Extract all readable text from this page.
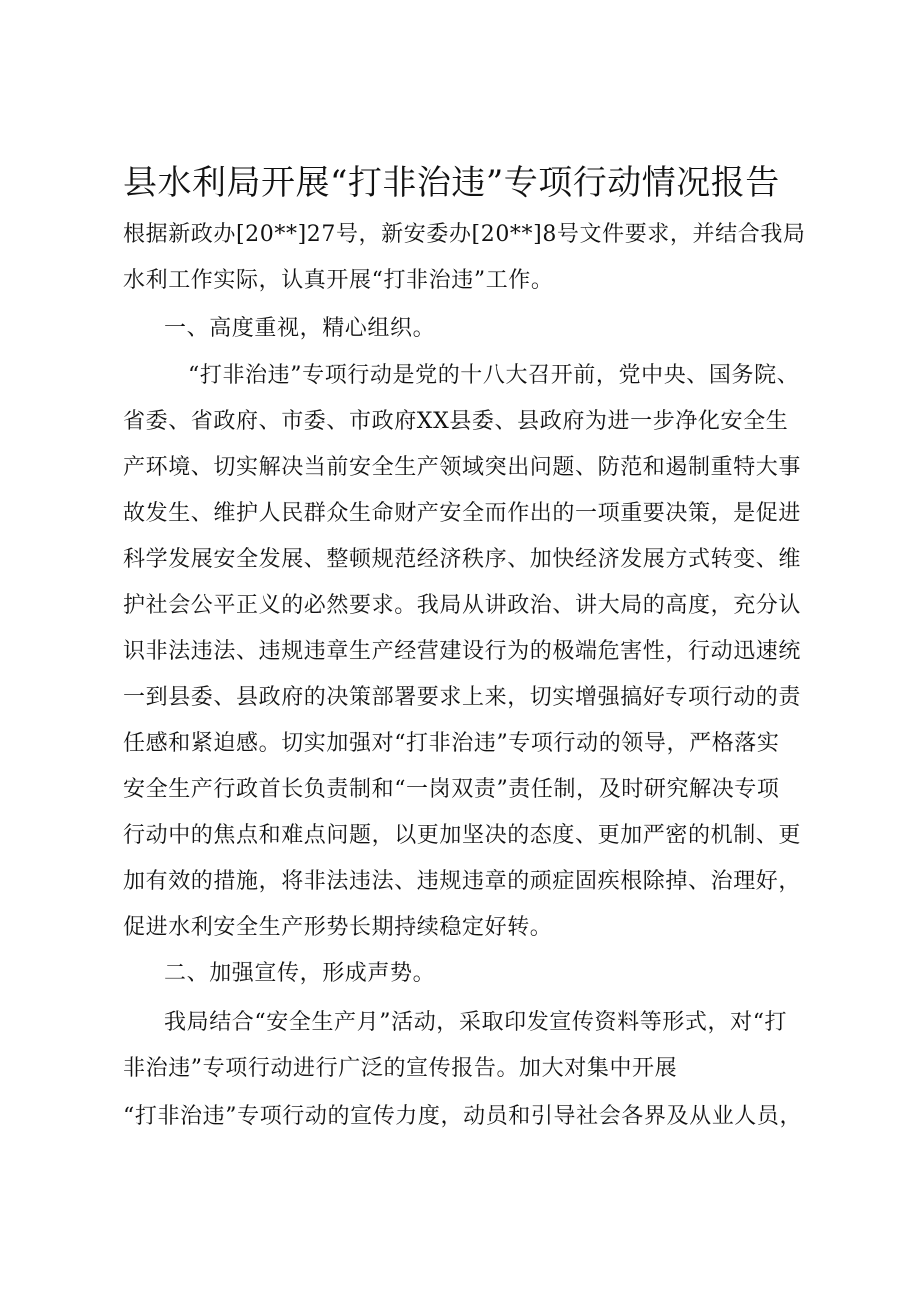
县水利局开展“打非治违”专项行动情况报告

根据新政办[20**]27号，新安委办[20**]8号文件要求，并结合我局

水利工作实际，认真开展“打非治违”工作。

一、高度重视，精心组织。

“打非治违”专项行动是党的十八大召开前，党中央、国务院、

省委、省政府、市委、市政府XX县委、县政府为进一步净化安全生

产环境、切实解决当前安全生产领域突出问题、防范和遏制重特大事

故发生、维护人民群众生命财产安全而作出的一项重要决策，是促进

科学发展安全发展、整顿规范经济秩序、加快经济发展方式转变、维

护社会公平正义的必然要求。我局从讲政治、讲大局的高度，充分认

识非法违法、违规违章生产经营建设行为的极端危害性，行动迅速统

一到县委、县政府的决策部署要求上来，切实增强搞好专项行动的责

任感和紧迫感。切实加强对“打非治违”专项行动的领导，严格落实

安全生产行政首长负责制和“一岗双责”责任制，及时研究解决专项

行动中的焦点和难点问题，以更加坚决的态度、更加严密的机制、更

加有效的措施，将非法违法、违规违章的顽症固疾根除掉、治理好，

促进水利安全生产形势长期持续稳定好转。

二、加强宣传，形成声势。

我局结合“安全生产月”活动，采取印发宣传资料等形式，对“打

非治违”专项行动进行广泛的宣传报告。加大对集中开展

“打非治违”专项行动的宣传力度，动员和引导社会各界及从业人员，
